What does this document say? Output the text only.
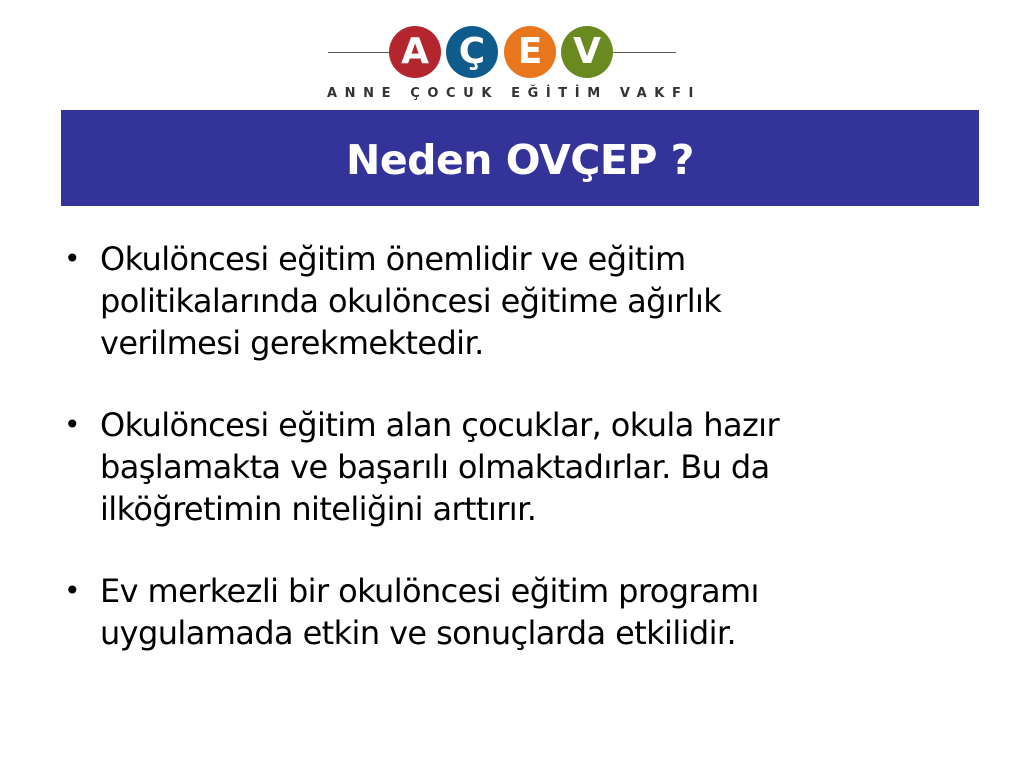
A Ç E V
ANNE ÇOCUK EĞİTİM VAKFI
Neden OVÇEP ?
• Okulöncesi eğitim önemlidir ve eğitim
politikalarında okulöncesi eğitime ağırlık
verilmesi gerekmektedir.
• Okulöncesi eğitim alan çocuklar, okula hazır
başlamakta ve başarılı olmaktadırlar. Bu da
ilköğretimin niteliğini arttırır.
• Ev merkezli bir okulöncesi eğitim programı
uygulamada etkin ve sonuçlarda etkilidir.
